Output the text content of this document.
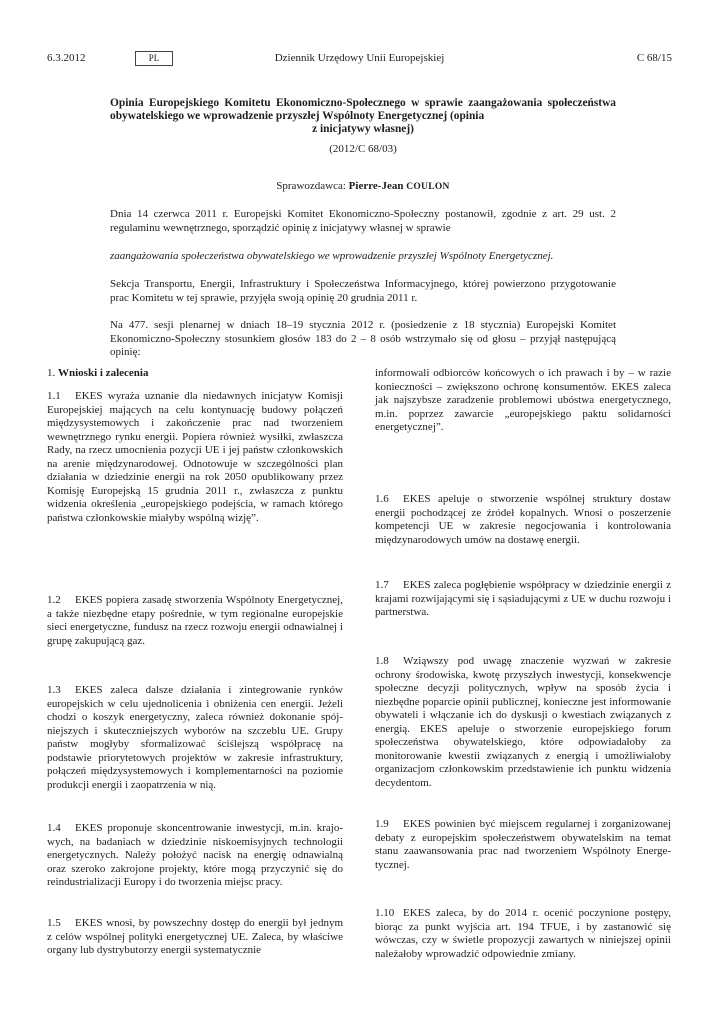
6.3.2012	PL	Dziennik Urzędowy Unii Europejskiej	C 68/15
Opinia Europejskiego Komitetu Ekonomiczno-Społecznego w sprawie zaangażowania społeczeństwa obywatelskiego we wprowadzenie przyszłej Wspólnoty Energetycznej (opinia
z inicjatywy własnej)
(2012/C 68/03)
Sprawozdawca: Pierre-Jean COULON

Dnia 14 czerwca 2011 r. Europejski Komitet Ekonomiczno-Społeczny postanowił, zgodnie z art. 29 ust. 2 regulaminu wewnętrznego, sporządzić opinię z inicjatywy własnej w sprawie

zaangażowania społeczeństwa obywatelskiego we wprowadzenie przyszłej Wspólnoty Energetycznej.

Sekcja Transportu, Energii, Infrastruktury i Społeczeństwa Informacyjnego, której powierzono przygotowanie prac Komitetu w tej sprawie, przyjęła swoją opinię 20 grudnia 2011 r.

Na 477. sesji plenarnej w dniach 18–19 stycznia 2012 r. (posiedzenie z 18 stycznia) Europejski Komitet Ekonomiczno-Społeczny stosunkiem głosów 183 do 2 – 8 osób wstrzymało się od głosu – przyjął następującą opinię:

1. Wnioski i zalecenia

1.1 EKES wyraża uznanie dla niedawnych inicjatyw Komisji Europejskiej mających na celu kontynuację budowy połączeń międzysystemowych i zakończenie prac nad tworzeniem wewnętrznego rynku energii. Popiera również wysiłki, zwłaszcza Rady, na rzecz umocnienia pozycji UE i jej państw członkowskich na arenie międzynarodowej. Odnotowuje w szczególności plan działania w dziedzinie energii na rok 2050 opublikowany przez Komisję Europejską 15 grudnia 2011 r., zwłaszcza z punktu widzenia określenia „europejskiego podejścia, w ramach którego państwa członkowskie miałyby wspólną wizję”.

1.2 EKES popiera zasadę stworzenia Wspólnoty Energetycznej, a także niezbędne etapy pośrednie, w tym regionalne europejskie sieci energetyczne, fundusz na rzecz rozwoju energii odnawialnej i grupę zakupującą gaz.

1.3 EKES zaleca dalsze działania i zintegrowanie rynków europejskich w celu ujednolicenia i obniżenia cen energii. Jeżeli chodzi o koszyk energetyczny, zaleca również dokonanie spójniejszych i skuteczniejszych wyborów na szczeblu UE. Grupy państw mogłyby sformalizować ściślejszą współpracę na podstawie priorytetowych projektów w zakresie infrastruktury, połączeń międzysystemowych i komplementarności na poziomie produkcji energii i zaopatrzenia w nią.

1.4 EKES proponuje skoncentrowanie inwestycji, m.in. krajowych, na badaniach w dziedzinie niskoemisyjnych technologii energetycznych. Należy położyć nacisk na energię odnawialną oraz szeroko zakrojone projekty, które mogą przyczynić się do reindustrializacji Europy i do tworzenia miejsc pracy.

1.5 EKES wnosi, by powszechny dostęp do energii był jednym z celów wspólnej polityki energetycznej UE. Zaleca, by właściwe organy lub dystrybutorzy energii systematycznie

informowali odbiorców końcowych o ich prawach i by – w razie konieczności – zwiększono ochronę konsumentów. EKES zaleca jak najszybsze zaradzenie problemowi ubóstwa energetycznego, m.in. poprzez zawarcie „europejskiego paktu solidarności energetycznej”.

1.6 EKES apeluje o stworzenie wspólnej struktury dostaw energii pochodzącej ze źródeł kopalnych. Wnosi o poszerzenie kompetencji UE w zakresie negocjowania i kontrolowania międzynarodowych umów na dostawę energii.

1.7 EKES zaleca pogłębienie współpracy w dziedzinie energii z krajami rozwijającymi się i sąsiadującymi z UE w duchu rozwoju i partnerstwa.

1.8 Wziąwszy pod uwagę znaczenie wyzwań w zakresie ochrony środowiska, kwotę przyszłych inwestycji, konsekwencje społeczne decyzji politycznych, wpływ na sposób życia i niezbędne poparcie opinii publicznej, konieczne jest informowanie obywateli i włączanie ich do dyskusji o kwestiach związanych z energią. EKES apeluje o stworzenie europejskiego forum społeczeństwa obywatelskiego, które odpowiadałoby za monitorowanie kwestii związanych z energią i umożliwiałoby organizacjom członkowskim przedstawienie ich punktu widzenia decydentom.

1.9 EKES powinien być miejscem regularnej i zorganizowanej debaty z europejskim społeczeństwem obywatelskim na temat stanu zaawansowania prac nad tworzeniem Wspólnoty Energetycznej.

1.10 EKES zaleca, by do 2014 r. ocenić poczynione postępy, biorąc za punkt wyjścia art. 194 TFUE, i by zastanowić się wówczas, czy w świetle propozycji zawartych w niniejszej opinii należałoby wprowadzić odpowiednie zmiany.
